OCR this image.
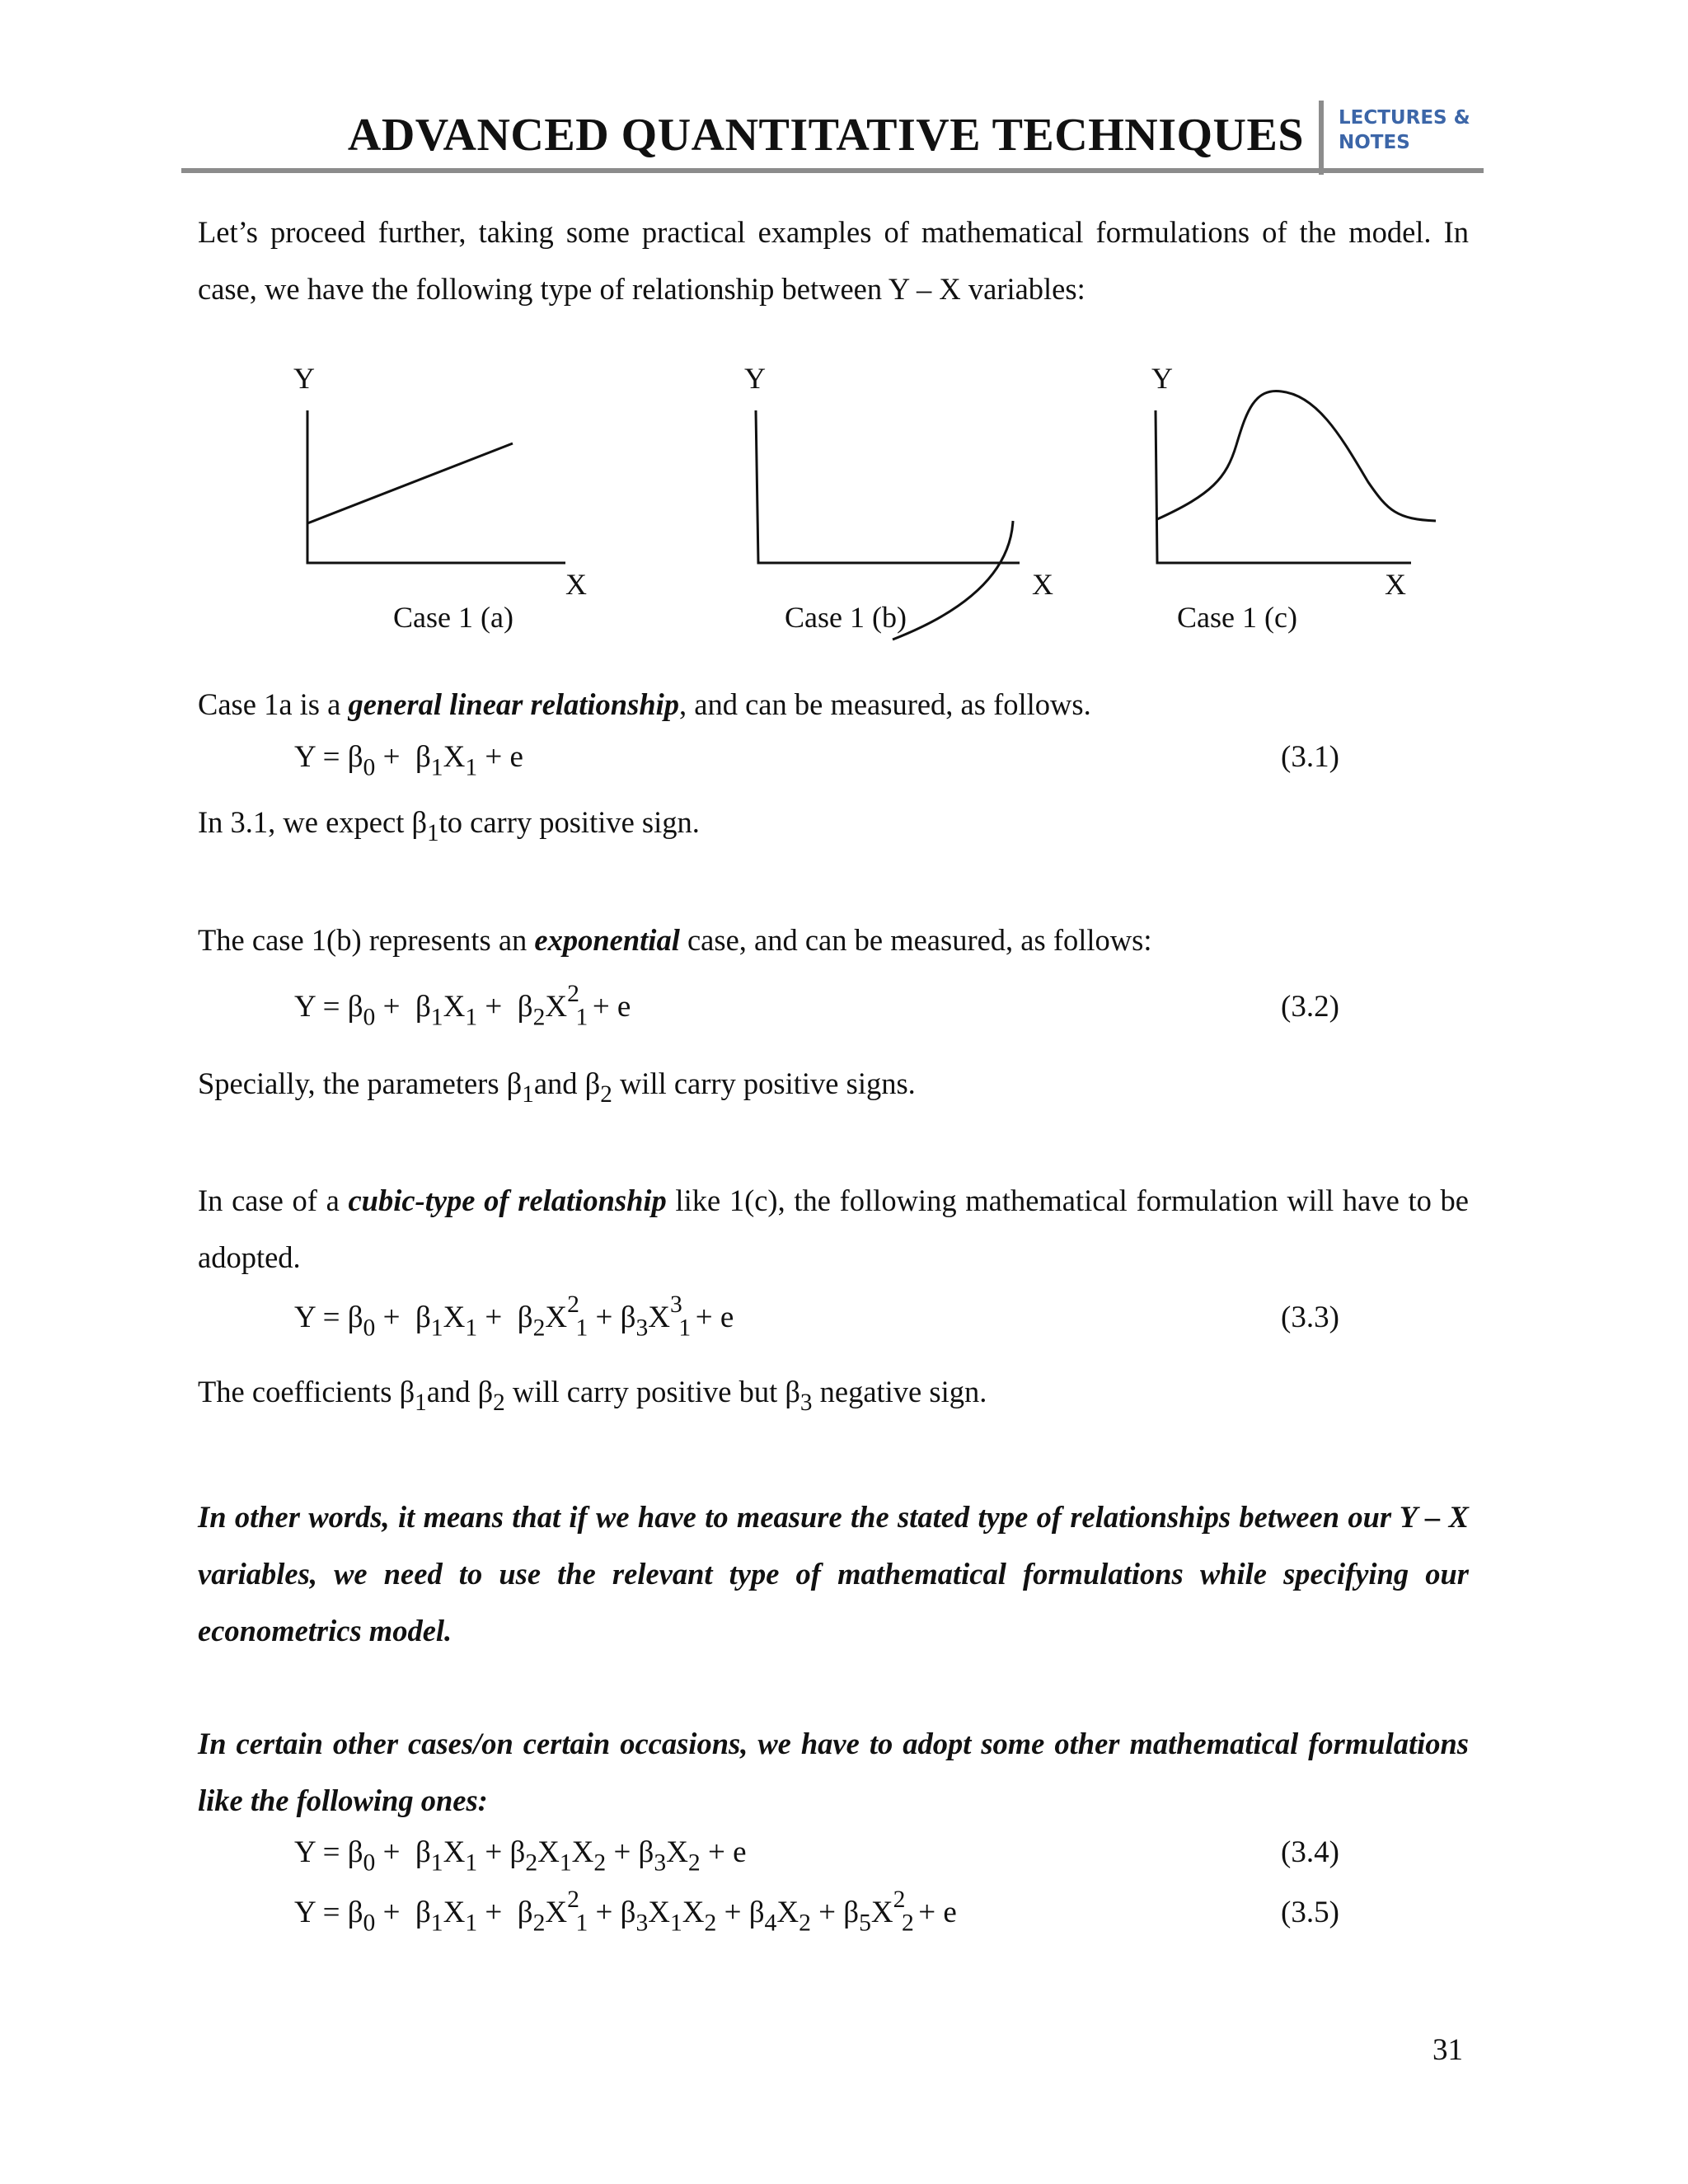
ADVANCED QUANTITATIVE TECHNIQUES LECTURES &
NOTES

Let’s proceed further, taking some practical examples of mathematical formulations of the model. In case, we have the following type of relationship between Y – X variables:

Y
X
Case 1 (a)
Y
X
Case 1 (b)
Y
X
Case 1 (c)

Case 1a is a general linear relationship, and can be measured, as follows.

$Y = \beta_0 + \beta_1X_1 + e$	(3.1)

In 3.1, we expect $\beta_1to$ carry positive sign.

The case 1(b) represents an exponential case, and can be measured, as follows:

$Y = \beta_0 + \beta_1X_1 + \beta_2X^2_1 + e$	(3.2)

Specially, the parameters $\beta_1and$ $\beta_2$ will carry positive signs.

In case of a cubic-type of relationship like 1(c), the following mathematical formulation will have to be adopted.

$Y = \beta_0 + \beta_1X_1 + \beta_2X^2_1 + \beta_3X^3_1 + e$	(3.3)

The coefficients $\beta_1and$ $\beta_2$ will carry positive but $\beta_3$ negative sign.

In other words, it means that if we have to measure the stated type of relationships between our Y – X variables, we need to use the relevant type of mathematical formulations while specifying our econometrics model.

In certain other cases/on certain occasions, we have to adopt some other mathematical formulations like the following ones:

$Y = \beta_0 + \beta_1X_1 + \beta_2X_1X_2 + \beta_3X_2 + e$	(3.4)
$Y = \beta_0 + \beta_1X_1 + \beta_2X^2_1 + \beta_3X_1X_2 + \beta_4X_2 + \beta_5X^2_2 + e$	(3.5)
31
